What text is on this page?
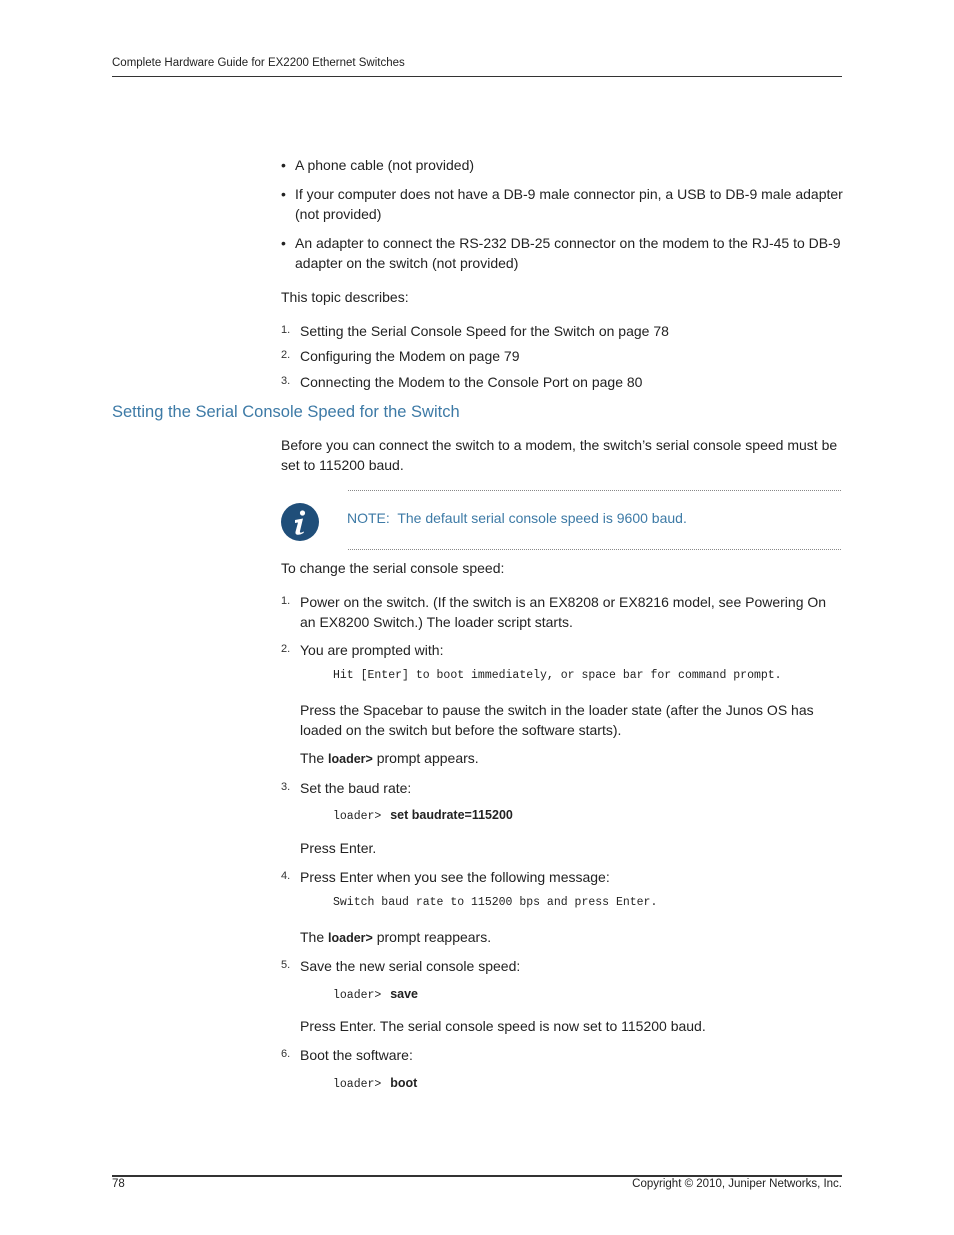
Complete Hardware Guide for EX2200 Ethernet Switches
• A phone cable (not provided)
• If your computer does not have a DB-9 male connector pin, a USB to DB-9 male adapter (not provided)
• An adapter to connect the RS-232 DB-25 connector on the modem to the RJ-45 to DB-9 adapter on the switch (not provided)
This topic describes:
1. Setting the Serial Console Speed for the Switch on page 78
2. Configuring the Modem on page 79
3. Connecting the Modem to the Console Port on page 80
Setting the Serial Console Speed for the Switch
Before you can connect the switch to a modem, the switch’s serial console speed must be set to 115200 baud.
NOTE: The default serial console speed is 9600 baud.
To change the serial console speed:
1. Power on the switch. (If the switch is an EX8208 or EX8216 model, see Powering On an EX8200 Switch.) The loader script starts.
2. You are prompted with:
Hit [Enter] to boot immediately, or space bar for command prompt.
Press the Spacebar to pause the switch in the loader state (after the Junos OS has loaded on the switch but before the software starts).
The loader> prompt appears.
3. Set the baud rate:
loader> set baudrate=115200
Press Enter.
4. Press Enter when you see the following message:
Switch baud rate to 115200 bps and press Enter.
The loader> prompt reappears.
5. Save the new serial console speed:
loader> save
Press Enter. The serial console speed is now set to 115200 baud.
6. Boot the software:
loader> boot
78	Copyright © 2010, Juniper Networks, Inc.
